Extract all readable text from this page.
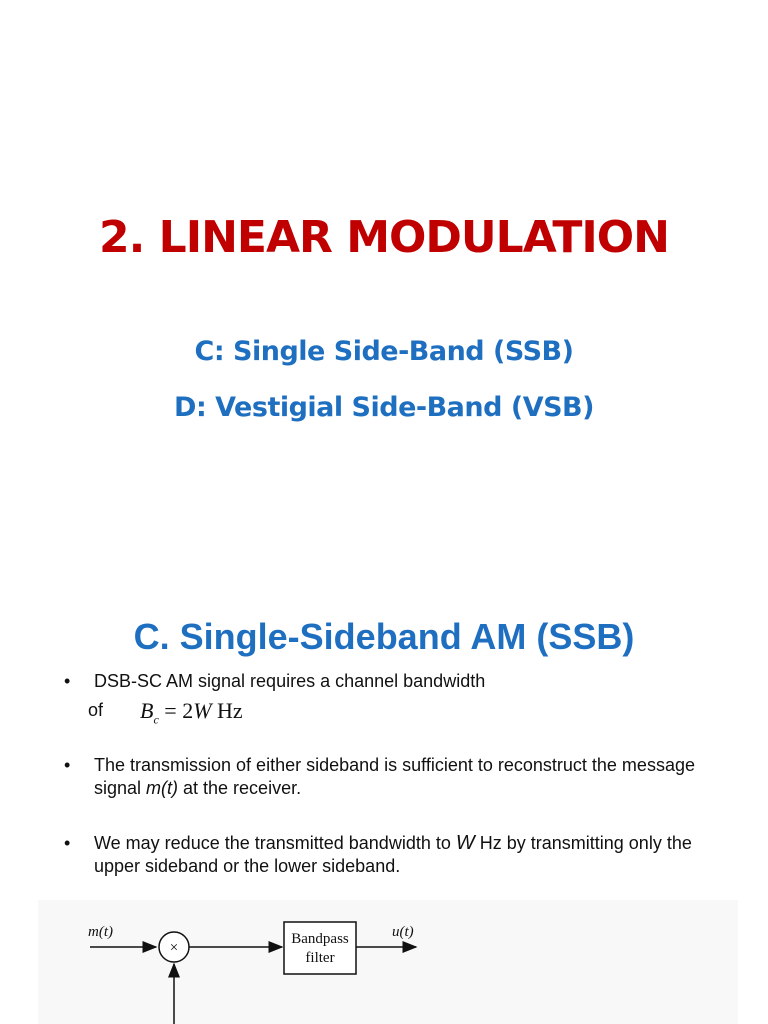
2. LINEAR MODULATION
C: Single Side-Band (SSB)
D: Vestigial Side-Band (VSB)
C. Single-Sideband AM (SSB)
• DSB-SC AM signal requires a channel bandwidth
of $B_c = 2W$ Hz
• The transmission of either sideband is sufficient to reconstruct the message signal m(t) at the receiver.
• We may reduce the transmitted bandwidth to W Hz by transmitting only the upper sideband or the lower sideband.
m(t)
×
Bandpass
filter
u(t)
